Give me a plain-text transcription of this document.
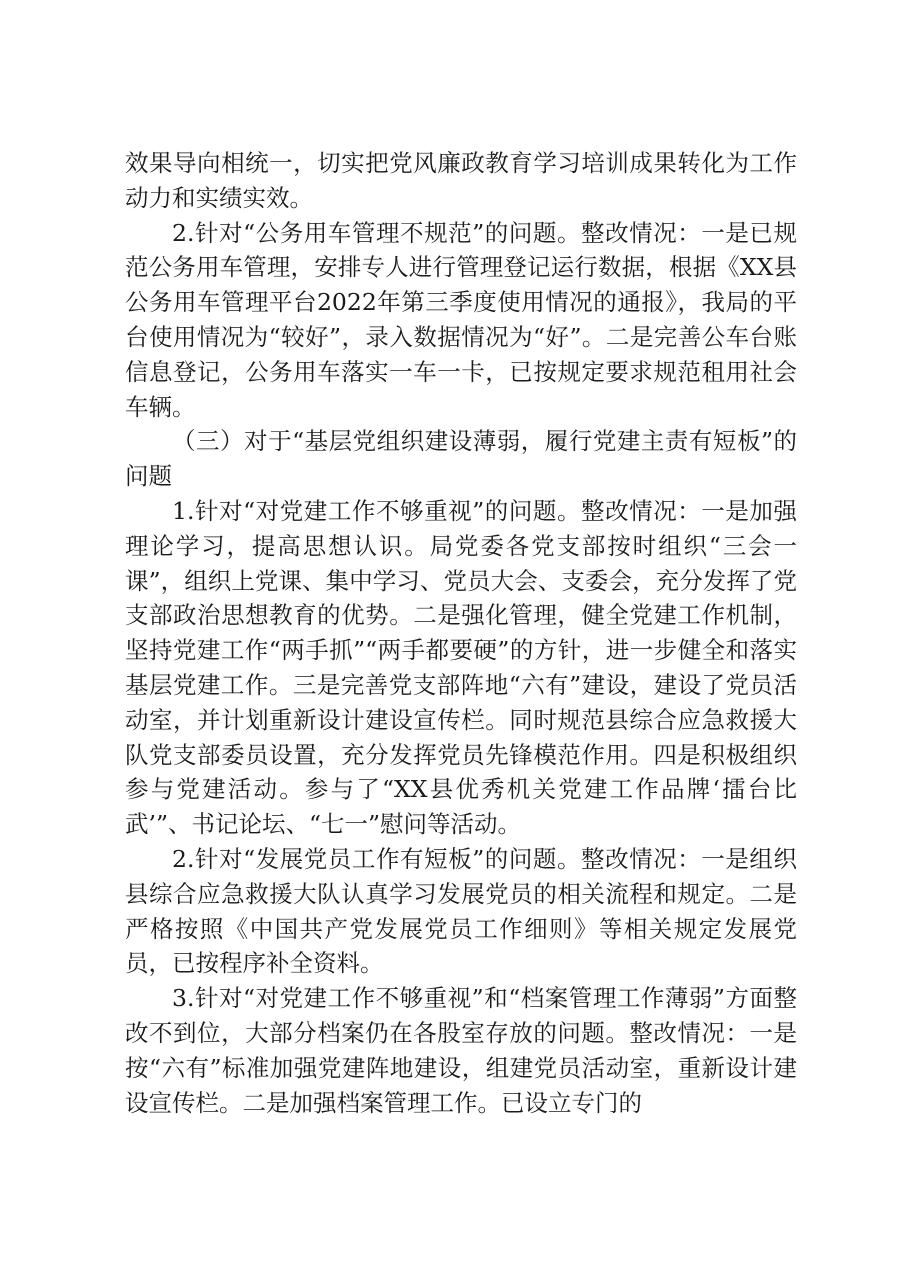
效果导向相统一，切实把党风廉政教育学习培训成果转化为工作动力和实绩实效。

2.针对“公务用车管理不规范”的问题。整改情况：一是已规范公务用车管理，安排专人进行管理登记运行数据，根据《XX县公务用车管理平台2022年第三季度使用情况的通报》，我局的平台使用情况为“较好”，录入数据情况为“好”。二是完善公车台账信息登记，公务用车落实一车一卡，已按规定要求规范租用社会车辆。

（三）对于“基层党组织建设薄弱，履行党建主责有短板”的问题

1.针对“对党建工作不够重视”的问题。整改情况：一是加强理论学习，提高思想认识。局党委各党支部按时组织“三会一课”，组织上党课、集中学习、党员大会、支委会，充分发挥了党支部政治思想教育的优势。二是强化管理，健全党建工作机制，坚持党建工作“两手抓”“两手都要硬”的方针，进一步健全和落实基层党建工作。三是完善党支部阵地“六有”建设，建设了党员活动室，并计划重新设计建设宣传栏。同时规范县综合应急救援大队党支部委员设置，充分发挥党员先锋模范作用。四是积极组织参与党建活动。参与了“XX县优秀机关党建工作品牌‘擂台比武’”、书记论坛、“七一”慰问等活动。

2.针对“发展党员工作有短板”的问题。整改情况：一是组织县综合应急救援大队认真学习发展党员的相关流程和规定。二是严格按照《中国共产党发展党员工作细则》等相关规定发展党员，已按程序补全资料。

3.针对“对党建工作不够重视”和“档案管理工作薄弱”方面整改不到位，大部分档案仍在各股室存放的问题。整改情况：一是按“六有”标准加强党建阵地建设，组建党员活动室，重新设计建设宣传栏。二是加强档案管理工作。已设立专门的
